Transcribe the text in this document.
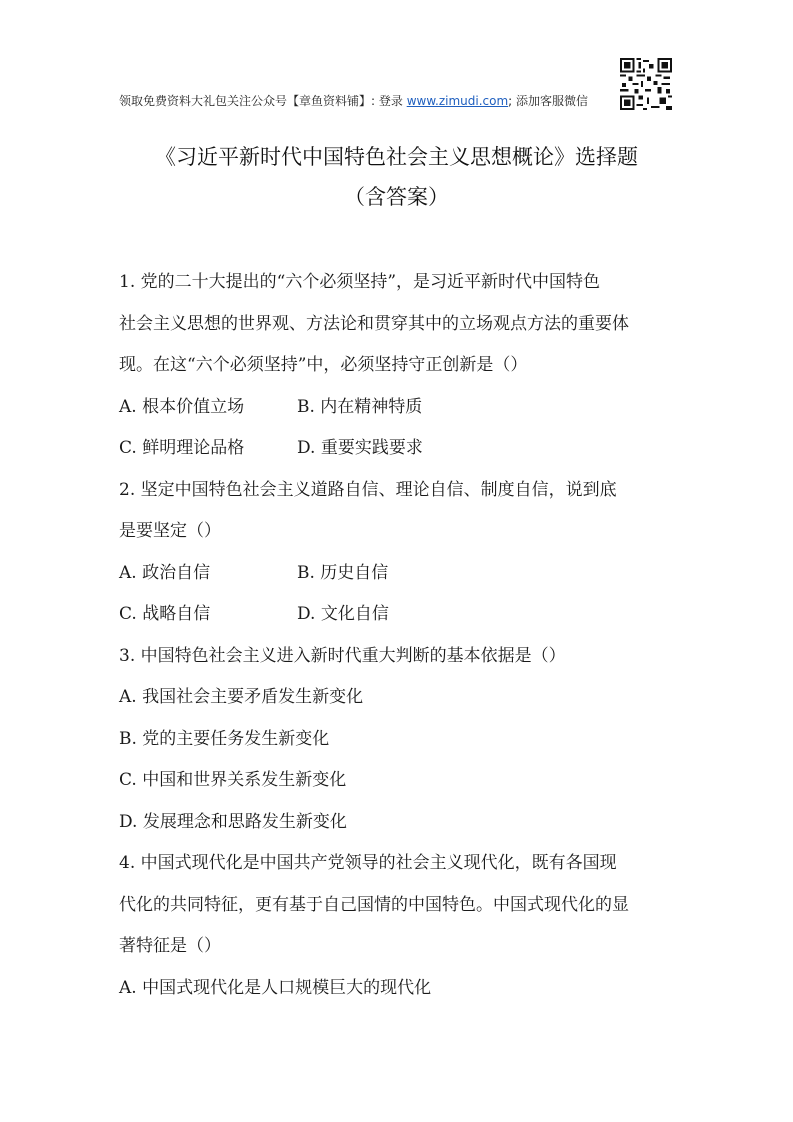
领取免费资料大礼包关注公众号【章鱼资料铺】: 登录 www.zimudi.com; 添加客服微信
《习近平新时代中国特色社会主义思想概论》选择题
（含答案）
1. 党的二十大提出的“六个必须坚持”，是习近平新时代中国特色
社会主义思想的世界观、方法论和贯穿其中的立场观点方法的重要体
现。在这“六个必须坚持”中，必须坚持守正创新是（）
A. 根本价值立场	B. 内在精神特质
C. 鲜明理论品格	D. 重要实践要求
2. 坚定中国特色社会主义道路自信、理论自信、制度自信，说到底
是要坚定（）
A. 政治自信	B. 历史自信
C. 战略自信	D. 文化自信
3. 中国特色社会主义进入新时代重大判断的基本依据是（）
A. 我国社会主要矛盾发生新变化
B. 党的主要任务发生新变化
C. 中国和世界关系发生新变化
D. 发展理念和思路发生新变化
4. 中国式现代化是中国共产党领导的社会主义现代化，既有各国现
代化的共同特征，更有基于自己国情的中国特色。中国式现代化的显
著特征是（）
A. 中国式现代化是人口规模巨大的现代化
